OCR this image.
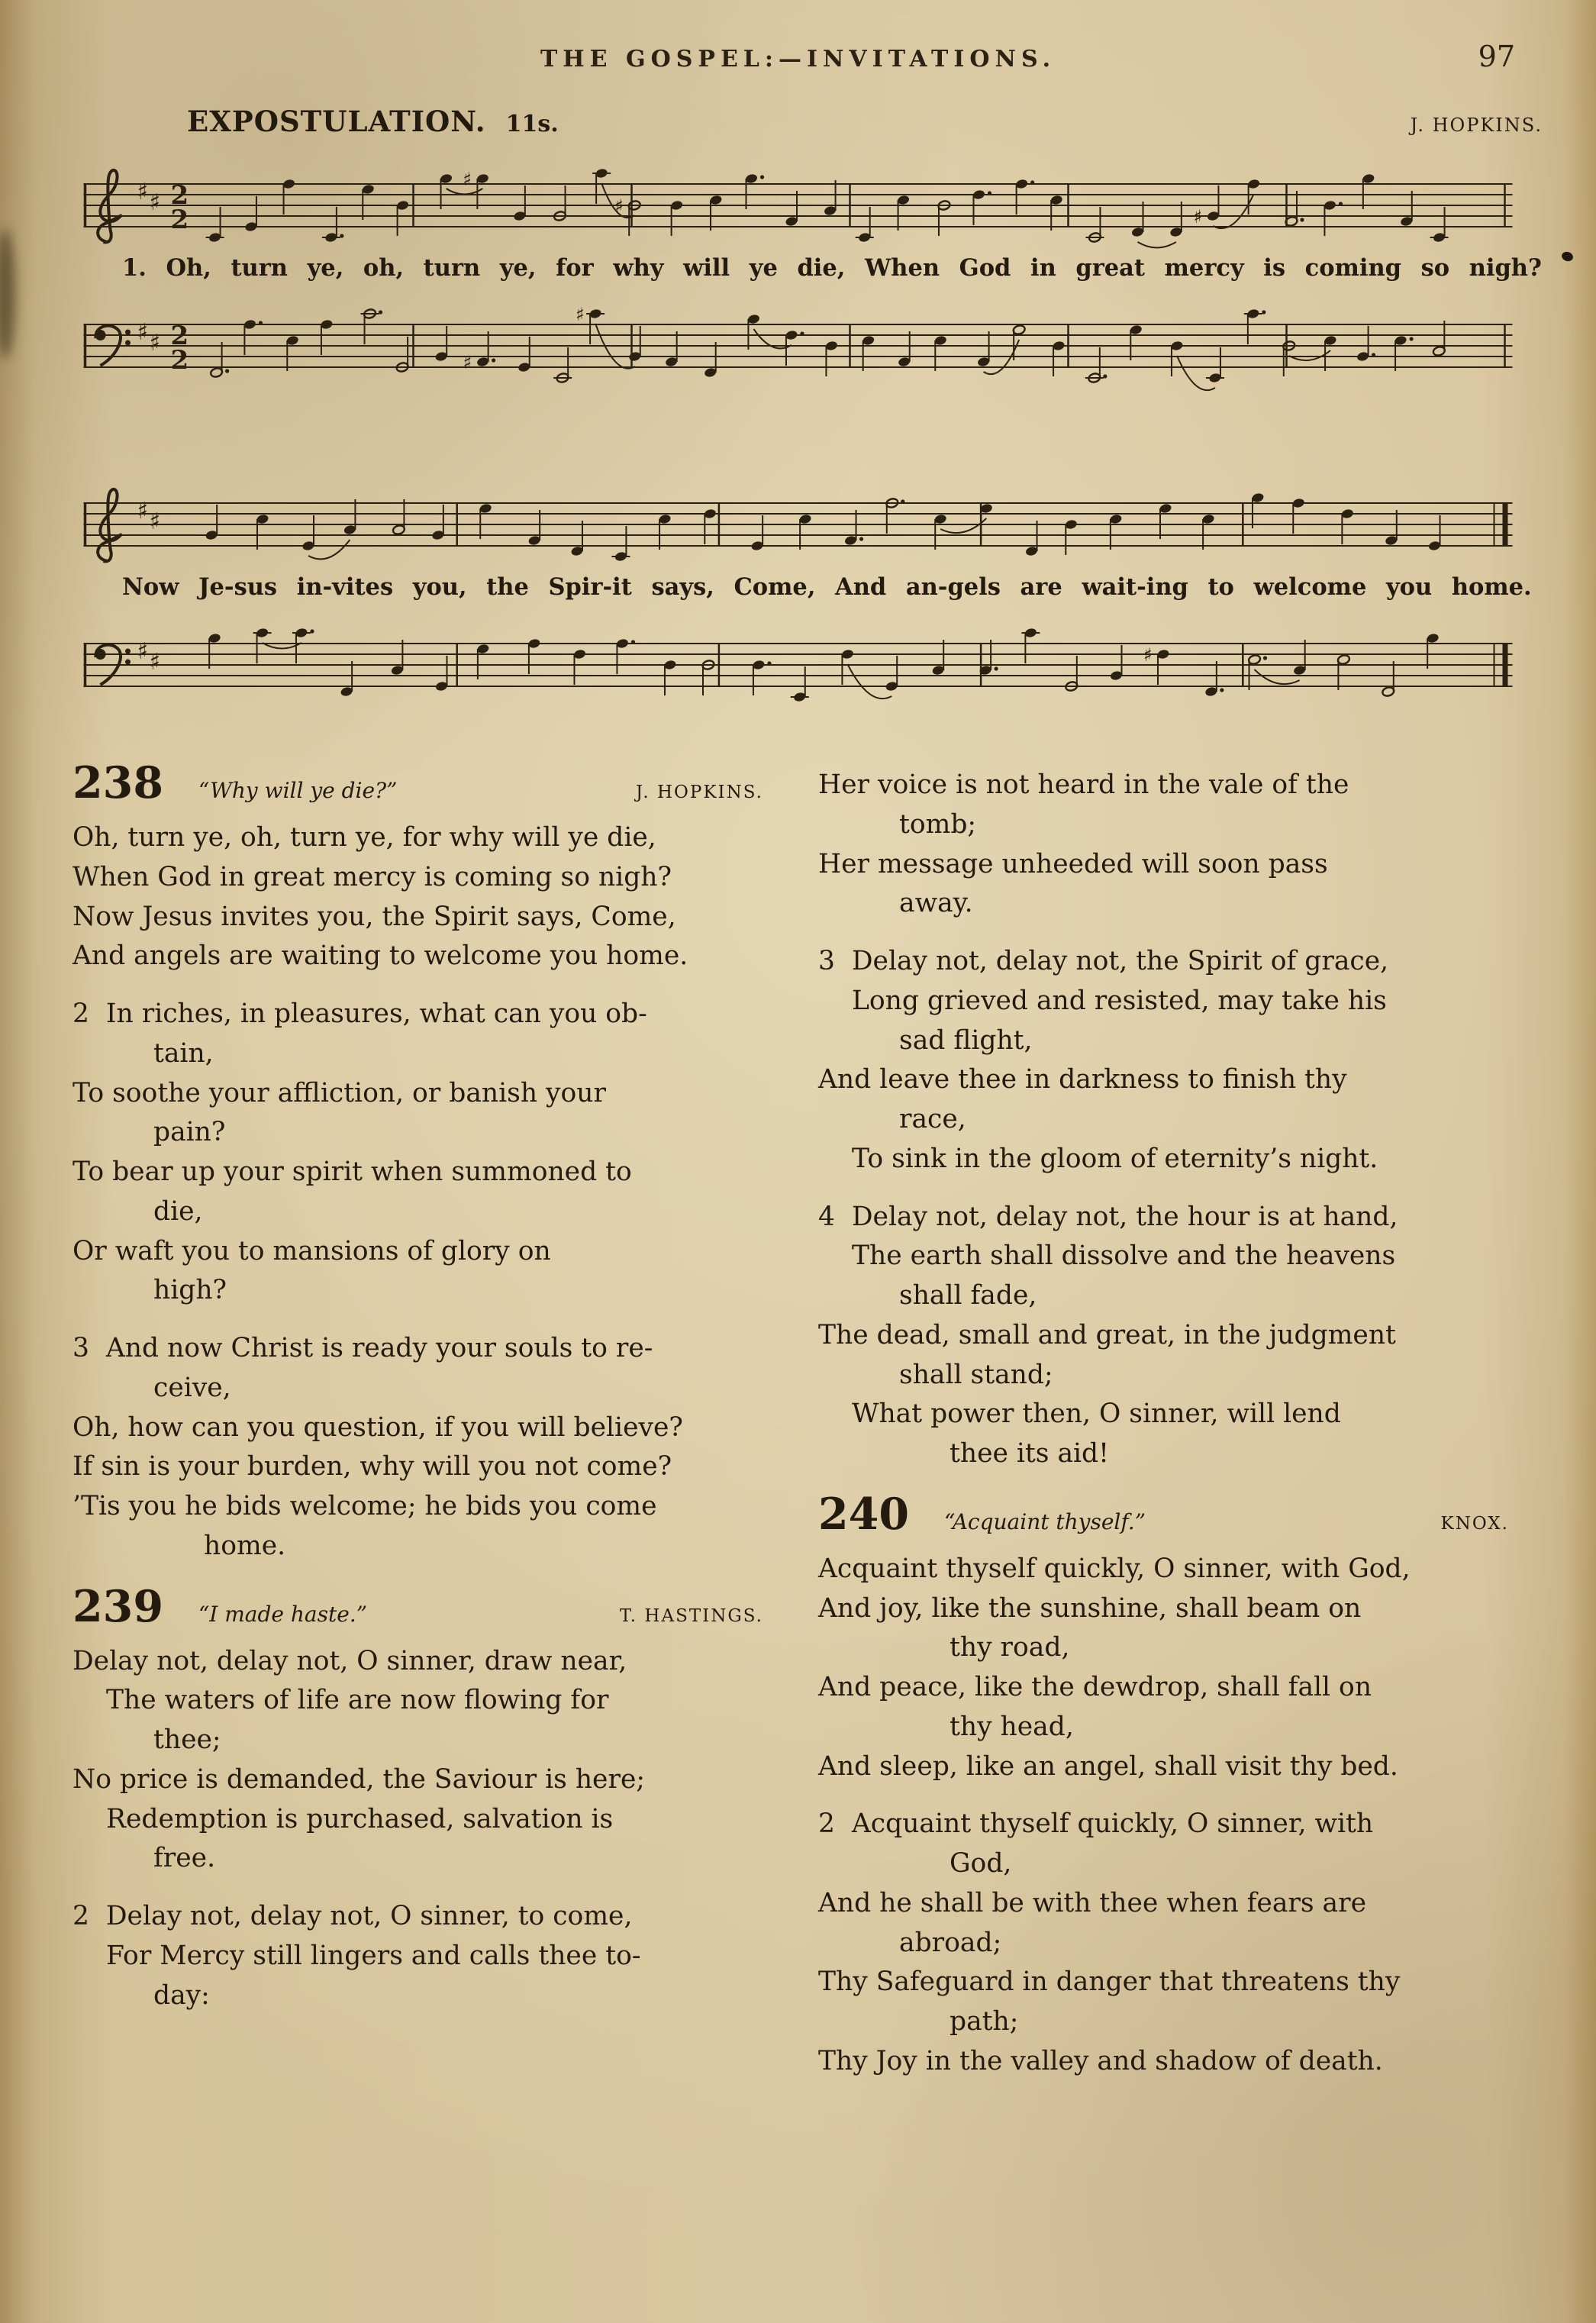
THE GOSPEL:—INVITATIONS.	97
EXPOSTULATION. 11s.	J. HOPKINS.
♯ ♯ 2
2
♯
♯	♯
1. Oh, turn ye, oh, turn ye, for why will ye die, When God in great mercy is coming so nigh?
♯ ♯ 2
2	♯
♯
♯ ♯
Now Je-sus in-vites you, the Spir-it says, Come, And an-gels are wait-ing to welcome you home.
♯ ♯	♯
238 “Why will ye die?”	J. HOPKINS.
Oh, turn ye, oh, turn ye, for why will ye die,
When God in great mercy is coming so nigh?
Now Jesus invites you, the Spirit says, Come,
And angels are waiting to welcome you home.
2  In riches, in pleasures, what can you ob-
tain,
To soothe your affliction, or banish your
pain?
To bear up your spirit when summoned to
die,
Or waft you to mansions of glory on
high?
3  And now Christ is ready your souls to re-
ceive,
Oh, how can you question, if you will believe?
If sin is your burden, why will you not come?
’Tis you he bids welcome; he bids you come
home.
239 “I made haste.”	T. HASTINGS.
Delay not, delay not, O sinner, draw near,
The waters of life are now flowing for
thee;
No price is demanded, the Saviour is here;
Redemption is purchased, salvation is
free.
2  Delay not, delay not, O sinner, to come,
For Mercy still lingers and calls thee to-
day:
Her voice is not heard in the vale of the
tomb;
Her message unheeded will soon pass
away.
3  Delay not, delay not, the Spirit of grace,
Long grieved and resisted, may take his
sad flight,
And leave thee in darkness to finish thy
race,
To sink in the gloom of eternity’s night.
4  Delay not, delay not, the hour is at hand,
The earth shall dissolve and the heavens
shall fade,
The dead, small and great, in the judgment
shall stand;
What power then, O sinner, will lend
thee its aid!
240 “Acquaint thyself.”	KNOX.
Acquaint thyself quickly, O sinner, with God,
And joy, like the sunshine, shall beam on
thy road,
And peace, like the dewdrop, shall fall on
thy head,
And sleep, like an angel, shall visit thy bed.
2  Acquaint thyself quickly, O sinner, with
God,
And he shall be with thee when fears are
abroad;
Thy Safeguard in danger that threatens thy
path;
Thy Joy in the valley and shadow of death.
